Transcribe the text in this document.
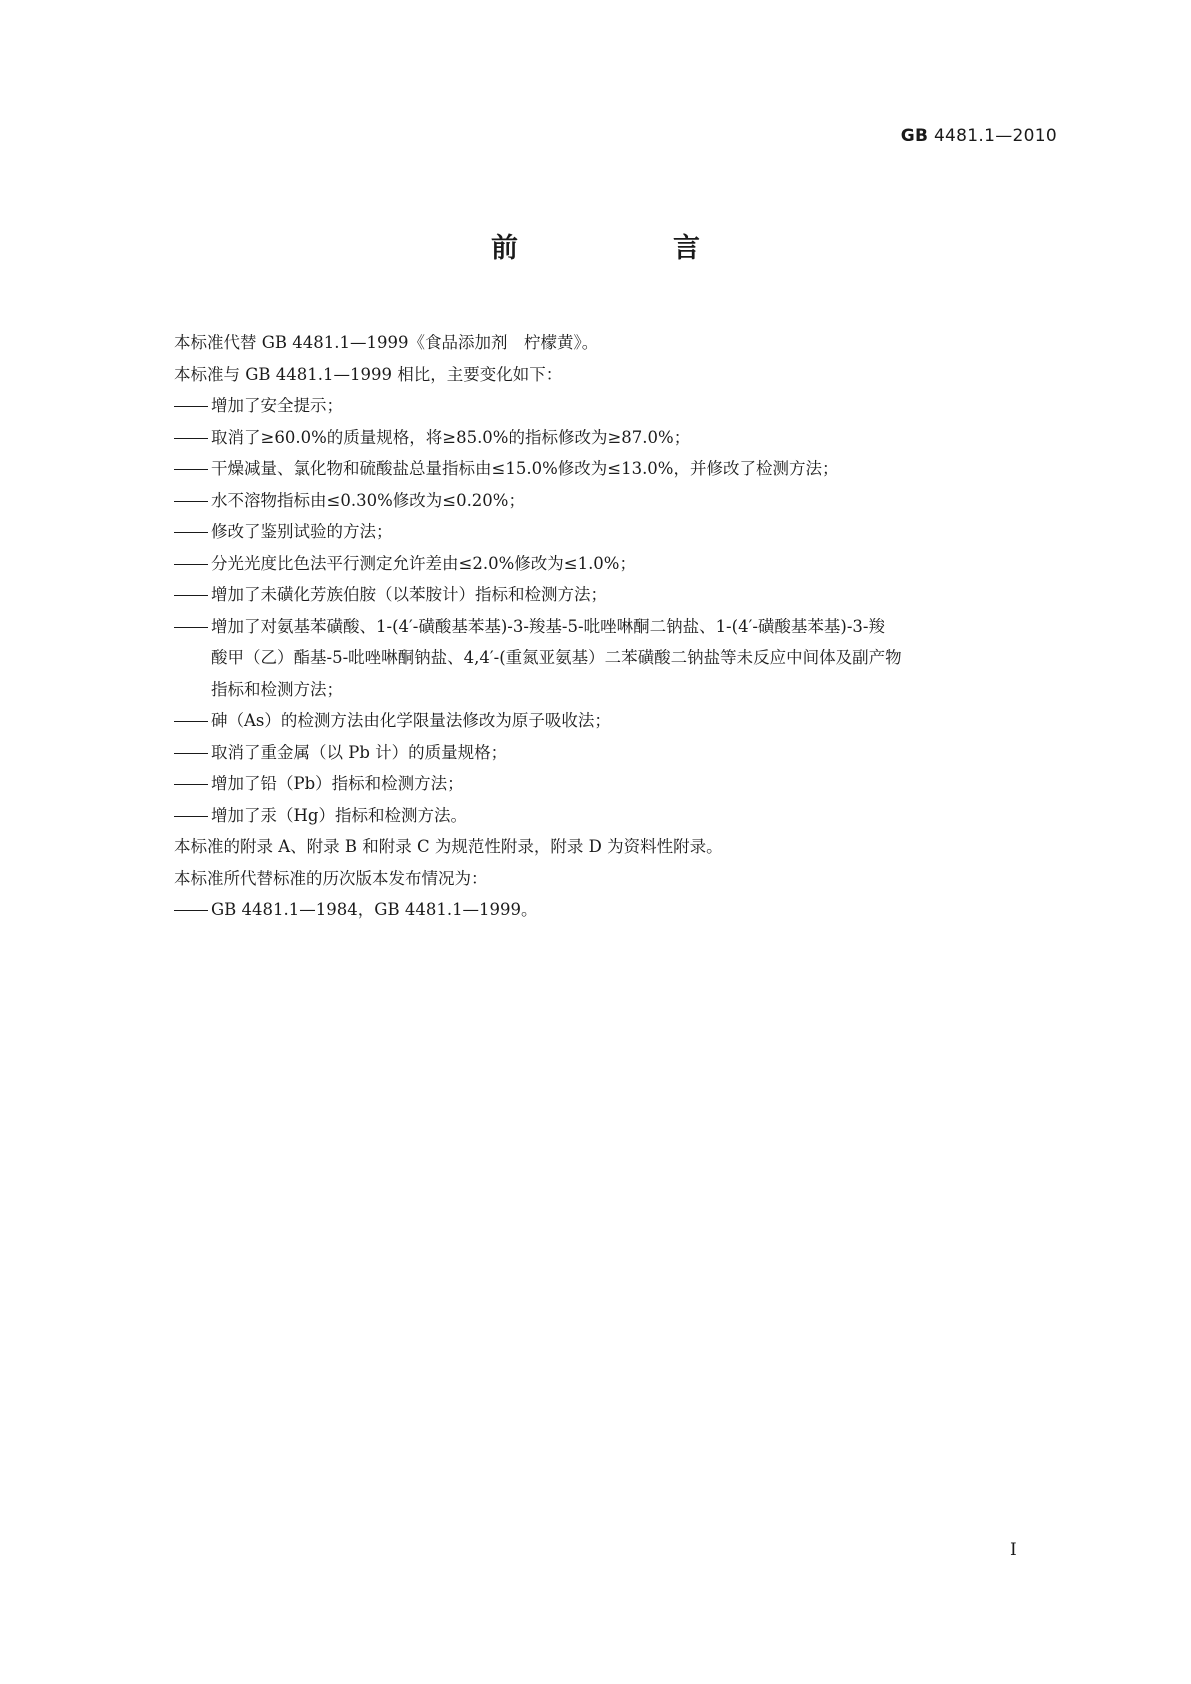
GB 4481.1—2010
前　言
本标准代替 GB 4481.1—1999《食品添加剂　柠檬黄》。
本标准与 GB 4481.1—1999 相比，主要变化如下：
增加了安全提示；
取消了≥60.0%的质量规格，将≥85.0%的指标修改为≥87.0%；
干燥减量、氯化物和硫酸盐总量指标由≤15.0%修改为≤13.0%，并修改了检测方法；
水不溶物指标由≤0.30%修改为≤0.20%；
修改了鉴别试验的方法；
分光光度比色法平行测定允许差由≤2.0%修改为≤1.0%；
增加了未磺化芳族伯胺（以苯胺计）指标和检测方法；
增加了对氨基苯磺酸、1-(4′-磺酸基苯基)-3-羧基-5-吡唑啉酮二钠盐、1-(4′-磺酸基苯基)-3-羧
酸甲（乙）酯基-5-吡唑啉酮钠盐、4,4′-(重氮亚氨基）二苯磺酸二钠盐等未反应中间体及副产物
指标和检测方法；
砷（As）的检测方法由化学限量法修改为原子吸收法；
取消了重金属（以 Pb 计）的质量规格；
增加了铅（Pb）指标和检测方法；
增加了汞（Hg）指标和检测方法。
本标准的附录 A、附录 B 和附录 C 为规范性附录，附录 D 为资料性附录。
本标准所代替标准的历次版本发布情况为：
GB 4481.1—1984，GB 4481.1—1999。
I
